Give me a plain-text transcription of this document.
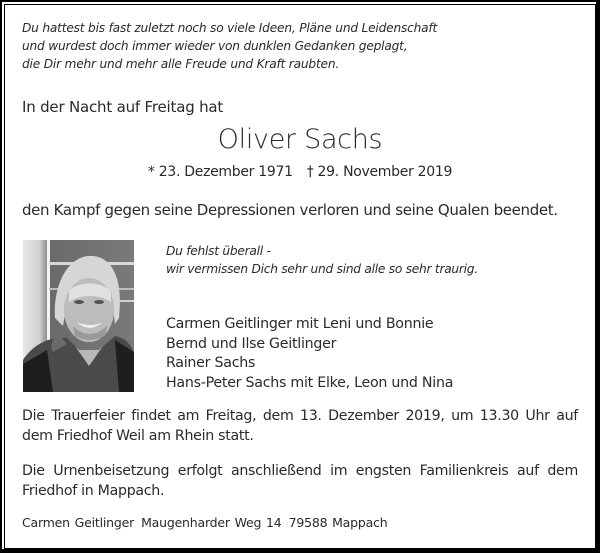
Du hattest bis fast zuletzt noch so viele Ideen, Pläne und Leidenschaft
und wurdest doch immer wieder von dunklen Gedanken geplagt,
die Dir mehr und mehr alle Freude und Kraft raubten.
In der Nacht auf Freitag hat
Oliver Sachs
* 23. Dezember 1971 † 29. November 2019
den Kampf gegen seine Depressionen verloren und seine Qualen beendet.
Du fehlst überall -
wir vermissen Dich sehr und sind alle so sehr traurig.
Carmen Geitlinger mit Leni und Bonnie
Bernd und Ilse Geitlinger
Rainer Sachs
Hans-Peter Sachs mit Elke, Leon und Nina
Die Trauerfeier findet am Freitag, dem 13. Dezember 2019, um 13.30 Uhr auf dem Friedhof Weil am Rhein statt.
Die Urnenbeisetzung erfolgt anschließend im engsten Familienkreis auf dem Friedhof in Mappach.
Carmen Geitlinger Maugenharder Weg 14 79588 Mappach
